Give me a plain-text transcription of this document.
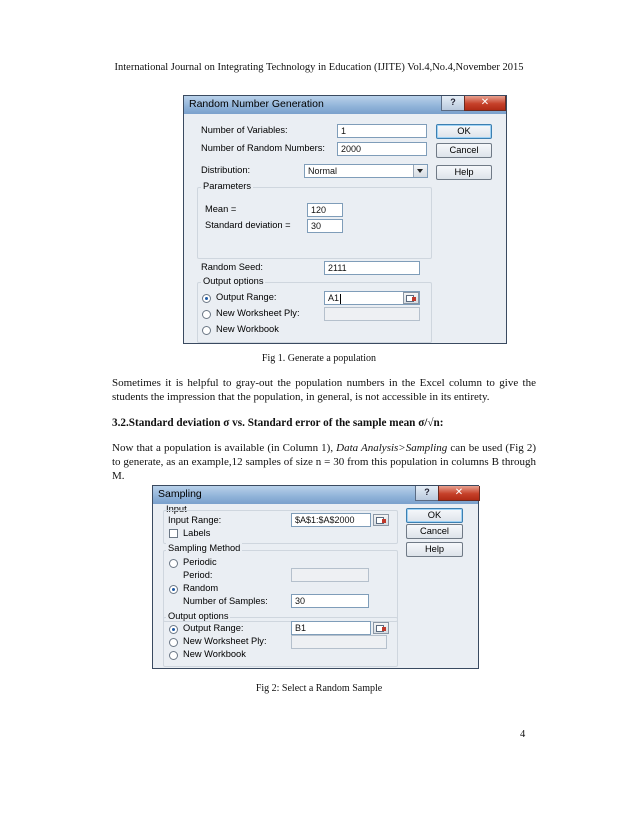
International Journal on Integrating Technology in Education (IJITE) Vol.4,No.4,November 2015
Random Number Generation	?	✕
Number of Variables:	1	OK
Number of Random Numbers:	2000	Cancel
Distribution:	Normal	Help
Parameters
Mean =	120
Standard deviation =	30
Random Seed:	2111
Output options
Output Range:	A1
New Worksheet Ply:
New Workbook
Fig 1. Generate a population
Sometimes it is helpful to gray-out the population numbers in the Excel column to give the students the impression that the population, in general, is not accessible in its entirety.
3.2.Standard deviation σ vs. Standard error of the sample mean σ/√n:
Now that a population is available (in Column 1), Data Analysis>Sampling can be used (Fig 2) to generate, as an example,12 samples of size n = 30 from this population in columns B through M.
Sampling	?	✕
Input
Input Range:	$A$1:$A$2000
Labels
OK
Cancel
Help
Sampling Method
Periodic
Period:
Random
Number of Samples:	30
Output options
Output Range:	B1
New Worksheet Ply:
New Workbook
Fig 2: Select a Random Sample
4
